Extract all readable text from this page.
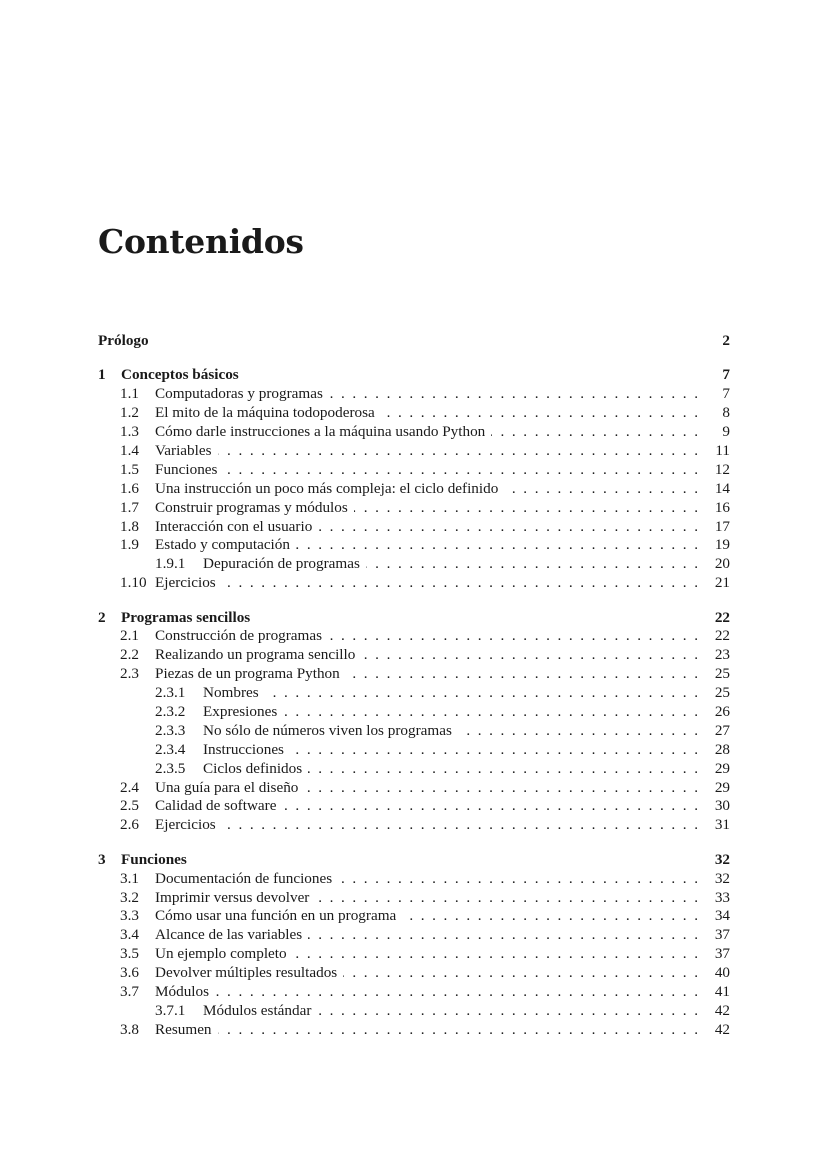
Contenidos
Prólogo	2
1	Conceptos básicos	7
1.1	Computadoras y programas . . .	7
1.2	El mito de la máquina todopoderosa . . .	8
1.3	Cómo darle instrucciones a la máquina usando Python . . .	9
1.4	Variables . . .	11
1.5	Funciones . . .	12
1.6	Una instrucción un poco más compleja: el ciclo definido . . .	14
1.7	Construir programas y módulos . . .	16
1.8	Interacción con el usuario . . .	17
1.9	Estado y computación . . .	19
1.9.1	Depuración de programas . . .	20
1.10 Ejercicios . . .	21
2	Programas sencillos	22
2.1	Construcción de programas . . .	22
2.2	Realizando un programa sencillo . . .	23
2.3	Piezas de un programa Python . . .	25
2.3.1	Nombres . . .	25
2.3.2	Expresiones . . .	26
2.3.3	No sólo de números viven los programas . . .	27
2.3.4	Instrucciones . . .	28
2.3.5	Ciclos definidos . . .	29
2.4	Una guía para el diseño . . .	29
2.5	Calidad de software . . .	30
2.6	Ejercicios . . .	31
3	Funciones	32
3.1	Documentación de funciones . . .	32
3.2	Imprimir versus devolver . . .	33
3.3	Cómo usar una función en un programa . . .	34
3.4	Alcance de las variables . . .	37
3.5	Un ejemplo completo . . .	37
3.6	Devolver múltiples resultados . . .	40
3.7	Módulos . . .	41
3.7.1	Módulos estándar . . .	42
3.8	Resumen . . .	42
